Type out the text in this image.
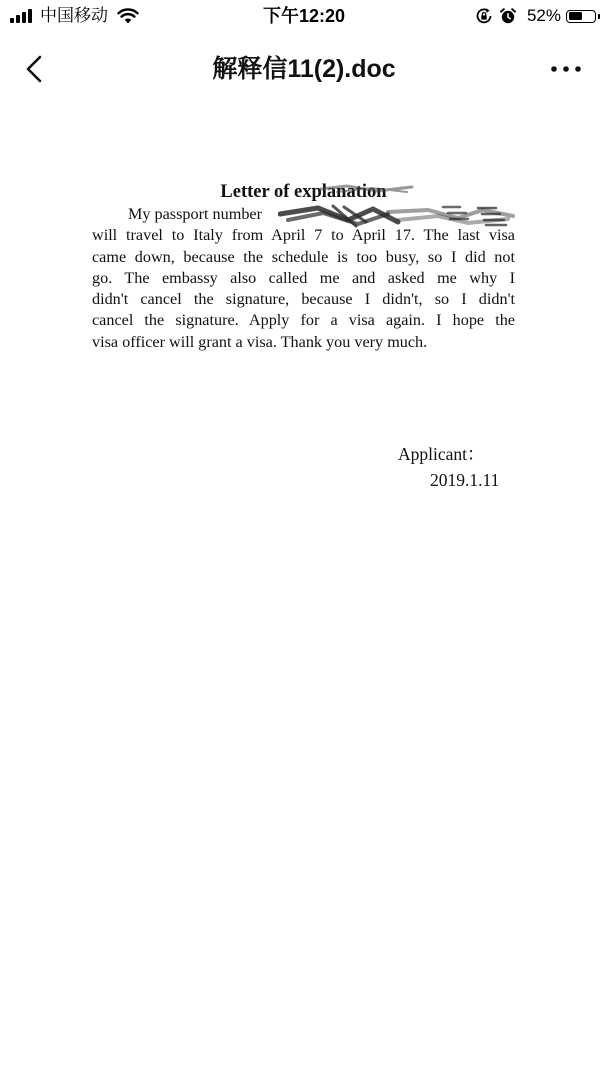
中国移动	下午12:20	52%
解释信11(2).doc

Letter of explanation

My passport number

will travel to Italy from April 7 to April 17. The last visa

came down, because the schedule is too busy, so I did not

go. The embassy also called me and asked me why I

didn't cancel the signature, because I didn't, so I didn't

cancel the signature. Apply for a visa again. I hope the

visa officer will grant a visa. Thank you very much.

Applicant：

2019.1.11
